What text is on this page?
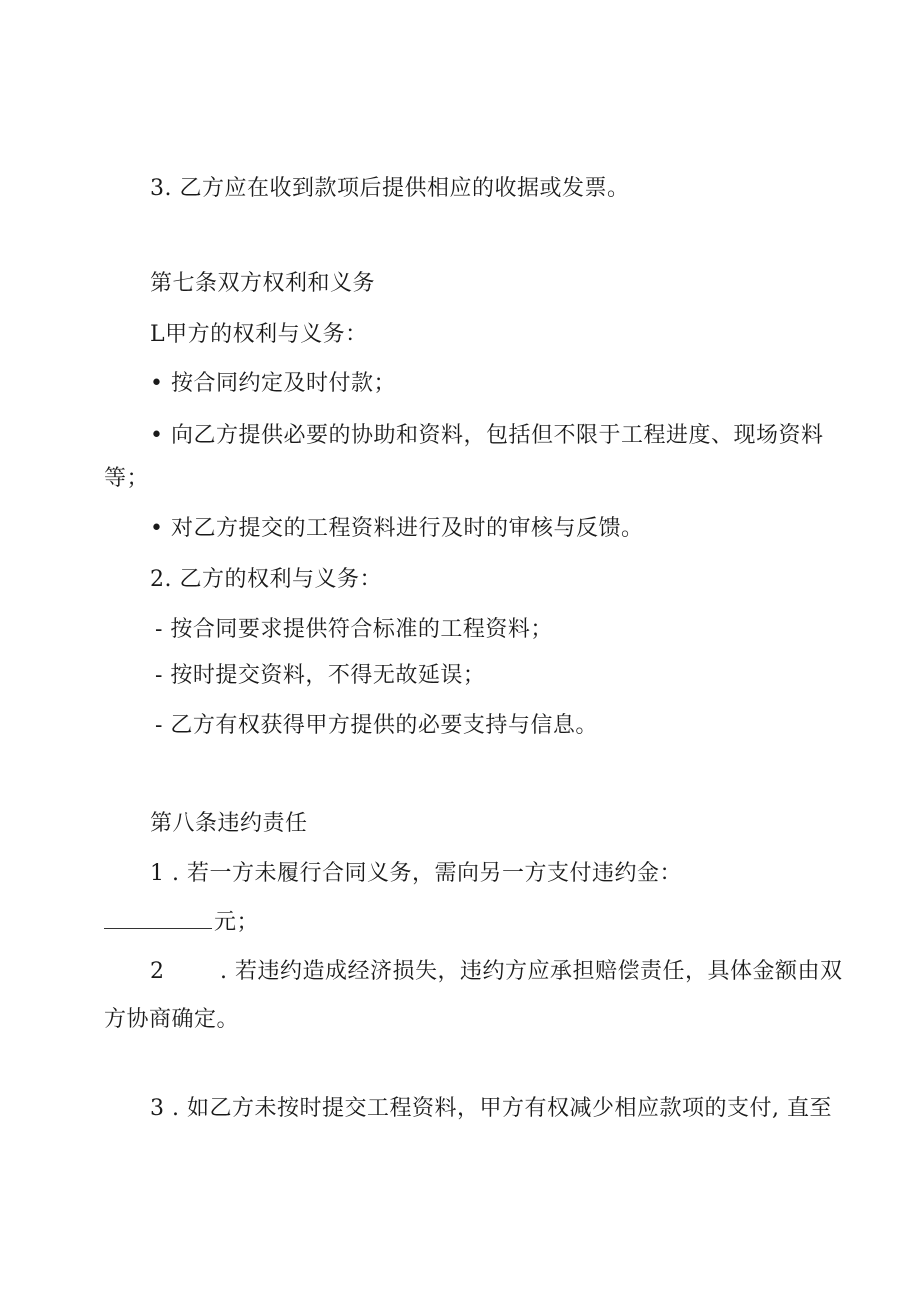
3. 乙方应在收到款项后提供相应的收据或发票。
第七条双方权利和义务
L甲方的权利与义务：
• 按合同约定及时付款；
• 向乙方提供必要的协助和资料，包括但不限于工程进度、现场资料
等；
• 对乙方提交的工程资料进行及时的审核与反馈。
2. 乙方的权利与义务：
- 按合同要求提供符合标准的工程资料；
- 按时提交资料，不得无故延误；
- 乙方有权获得甲方提供的必要支持与信息。
第八条违约责任
1 . 若一方未履行合同义务，需向另一方支付违约金：
元；
2	. 若违约造成经济损失，违约方应承担赔偿责任，具体金额由双
方协商确定。
3 . 如乙方未按时提交工程资料，甲方有权减少相应款项的支付, 直至
